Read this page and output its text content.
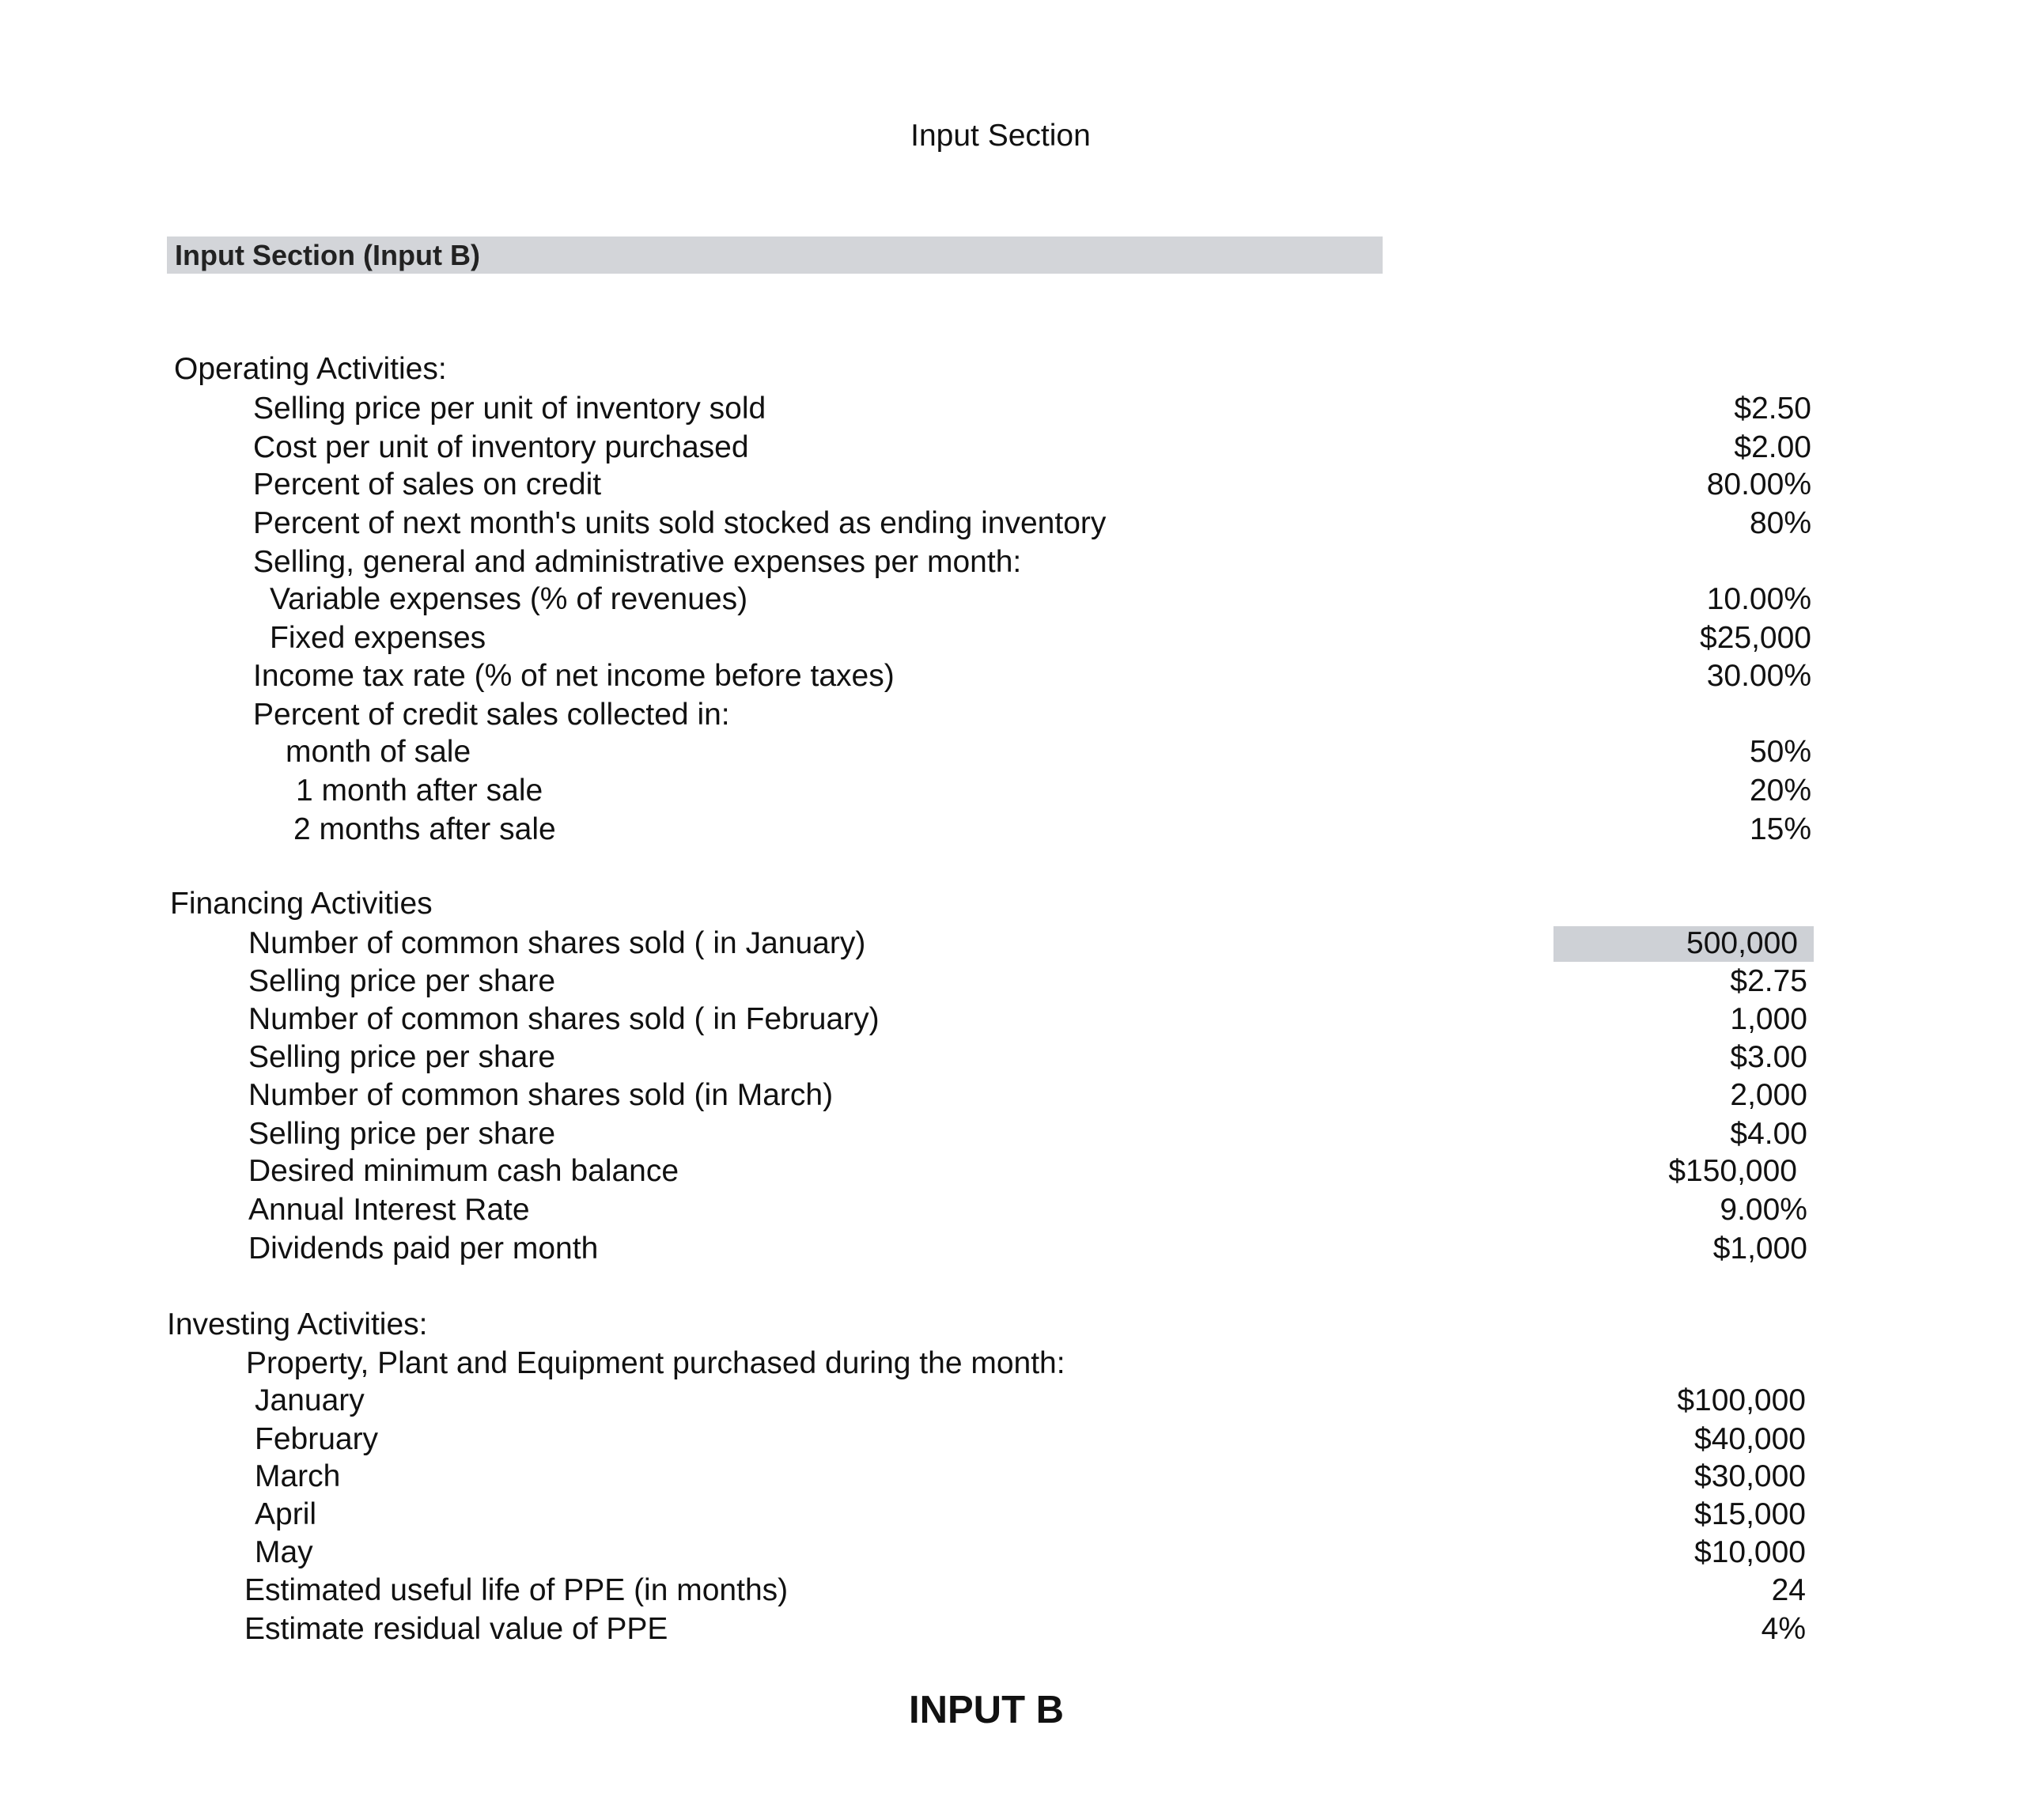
Input Section
Input Section (Input B)
Operating Activities:
Selling price per unit of inventory sold	$2.50
Cost per unit of inventory purchased	$2.00
Percent of sales on credit	80.00%
Percent of next month's units sold stocked as ending inventory	80%
Selling, general and administrative expenses per month:
Variable expenses (% of revenues)	10.00%
Fixed expenses	$25,000
Income tax rate (% of net income before taxes)	30.00%
Percent of credit sales collected in:
month of sale	50%
1 month after sale	20%
2 months after sale	15%
Financing Activities
Number of common shares sold ( in January)	500,000
Selling price per share	$2.75
Number of common shares sold ( in February)	1,000
Selling price per share	$3.00
Number of common shares sold (in March)	2,000
Selling price per share	$4.00
Desired minimum cash balance	$150,000
Annual Interest Rate	9.00%
Dividends paid per month	$1,000
Investing Activities:
Property, Plant and Equipment purchased during the month:
January	$100,000
February	$40,000
March	$30,000
April	$15,000
May	$10,000
Estimated useful life of PPE (in months)	24
Estimate residual value of PPE	4%
INPUT B
